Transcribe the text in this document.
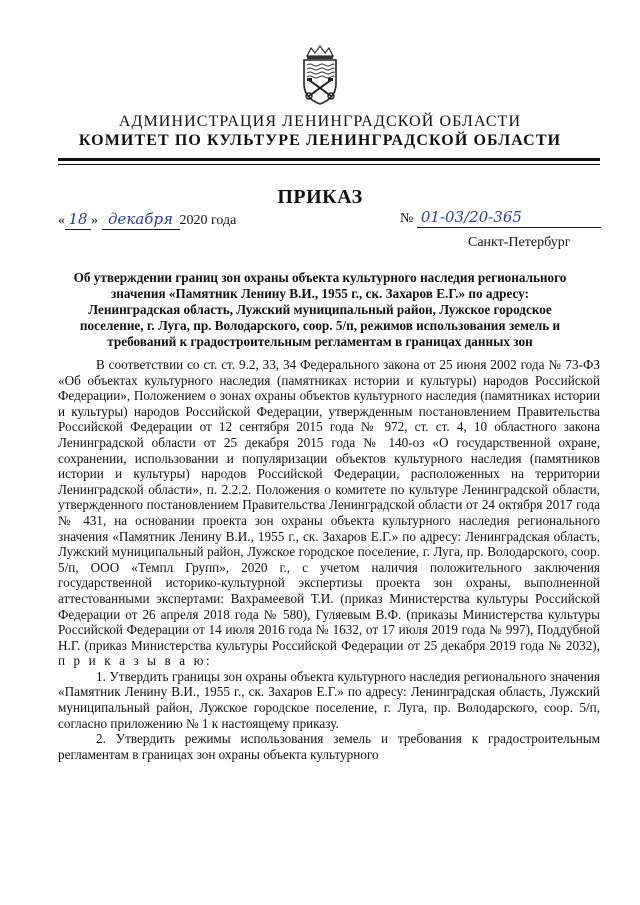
АДМИНИСТРАЦИЯ ЛЕНИНГРАДСКОЙ ОБЛАСТИ
КОМИТЕТ ПО КУЛЬТУРЕ ЛЕНИНГРАДСКОЙ ОБЛАСТИ
ПРИКАЗ
« 18 » декабря 2020 года	№ 01-03/20-365
Санкт-Петербург
Об утверждении границ зон охраны объекта культурного наследия регионального значения «Памятник Ленину В.И., 1955 г., ск. Захаров Е.Г.» по адресу: Ленинградская область, Лужский муниципальный район, Лужское городское поселение, г. Луга, пр. Володарского, соор. 5/п, режимов использования земель и требований к градостроительным регламентам в границах данных зон

В соответствии со ст. ст. 9.2, 33, 34 Федерального закона от 25 июня 2002 года № 73-ФЗ «Об объектах культурного наследия (памятниках истории и культуры) народов Российской Федерации», Положением о зонах охраны объектов культурного наследия (памятниках истории и культуры) народов Российской Федерации, утвержденным постановлением Правительства Российской Федерации от 12 сентября 2015 года № 972, ст. ст. 4, 10 областного закона Ленинградской области от 25 декабря 2015 года № 140-оз «О государственной охране, сохранении, использовании и популяризации объектов культурного наследия (памятников истории и культуры) народов Российской Федерации, расположенных на территории Ленинградской области», п. 2.2.2. Положения о комитете по культуре Ленинградской области, утвержденного постановлением Правительства Ленинградской области от 24 октября 2017 года № 431, на основании проекта зон охраны объекта культурного наследия регионального значения «Памятник Ленину В.И., 1955 г., ск. Захаров Е.Г.» по адресу: Ленинградская область, Лужский муниципальный район, Лужское городское поселение, г. Луга, пр. Володарского, соор. 5/п, ООО «Темпл Групп», 2020 г., с учетом наличия положительного заключения государственной историко-культурной экспертизы проекта зон охраны, выполненной аттестованными экспертами: Вахрамеевой Т.И. (приказ Министерства культуры Российской Федерации от 26 апреля 2018 года № 580), Гуляевым В.Ф. (приказы Министерства культуры Российской Федерации от 14 июля 2016 года № 1632, от 17 июля 2019 года № 997), Поддубной Н.Г. (приказ Министерства культуры Российской Федерации от 25 декабря 2019 года № 2032), п р и к а з ы в а ю:

1. Утвердить границы зон охраны объекта культурного наследия регионального значения «Памятник Ленину В.И., 1955 г., ск. Захаров Е.Г.» по адресу: Ленинградская область, Лужский муниципальный район, Лужское городское поселение, г. Луга, пр. Володарского, соор. 5/п, согласно приложению № 1 к настоящему приказу.

2. Утвердить режимы использования земель и требования к градостроительным регламентам в границах зон охраны объекта культурного
